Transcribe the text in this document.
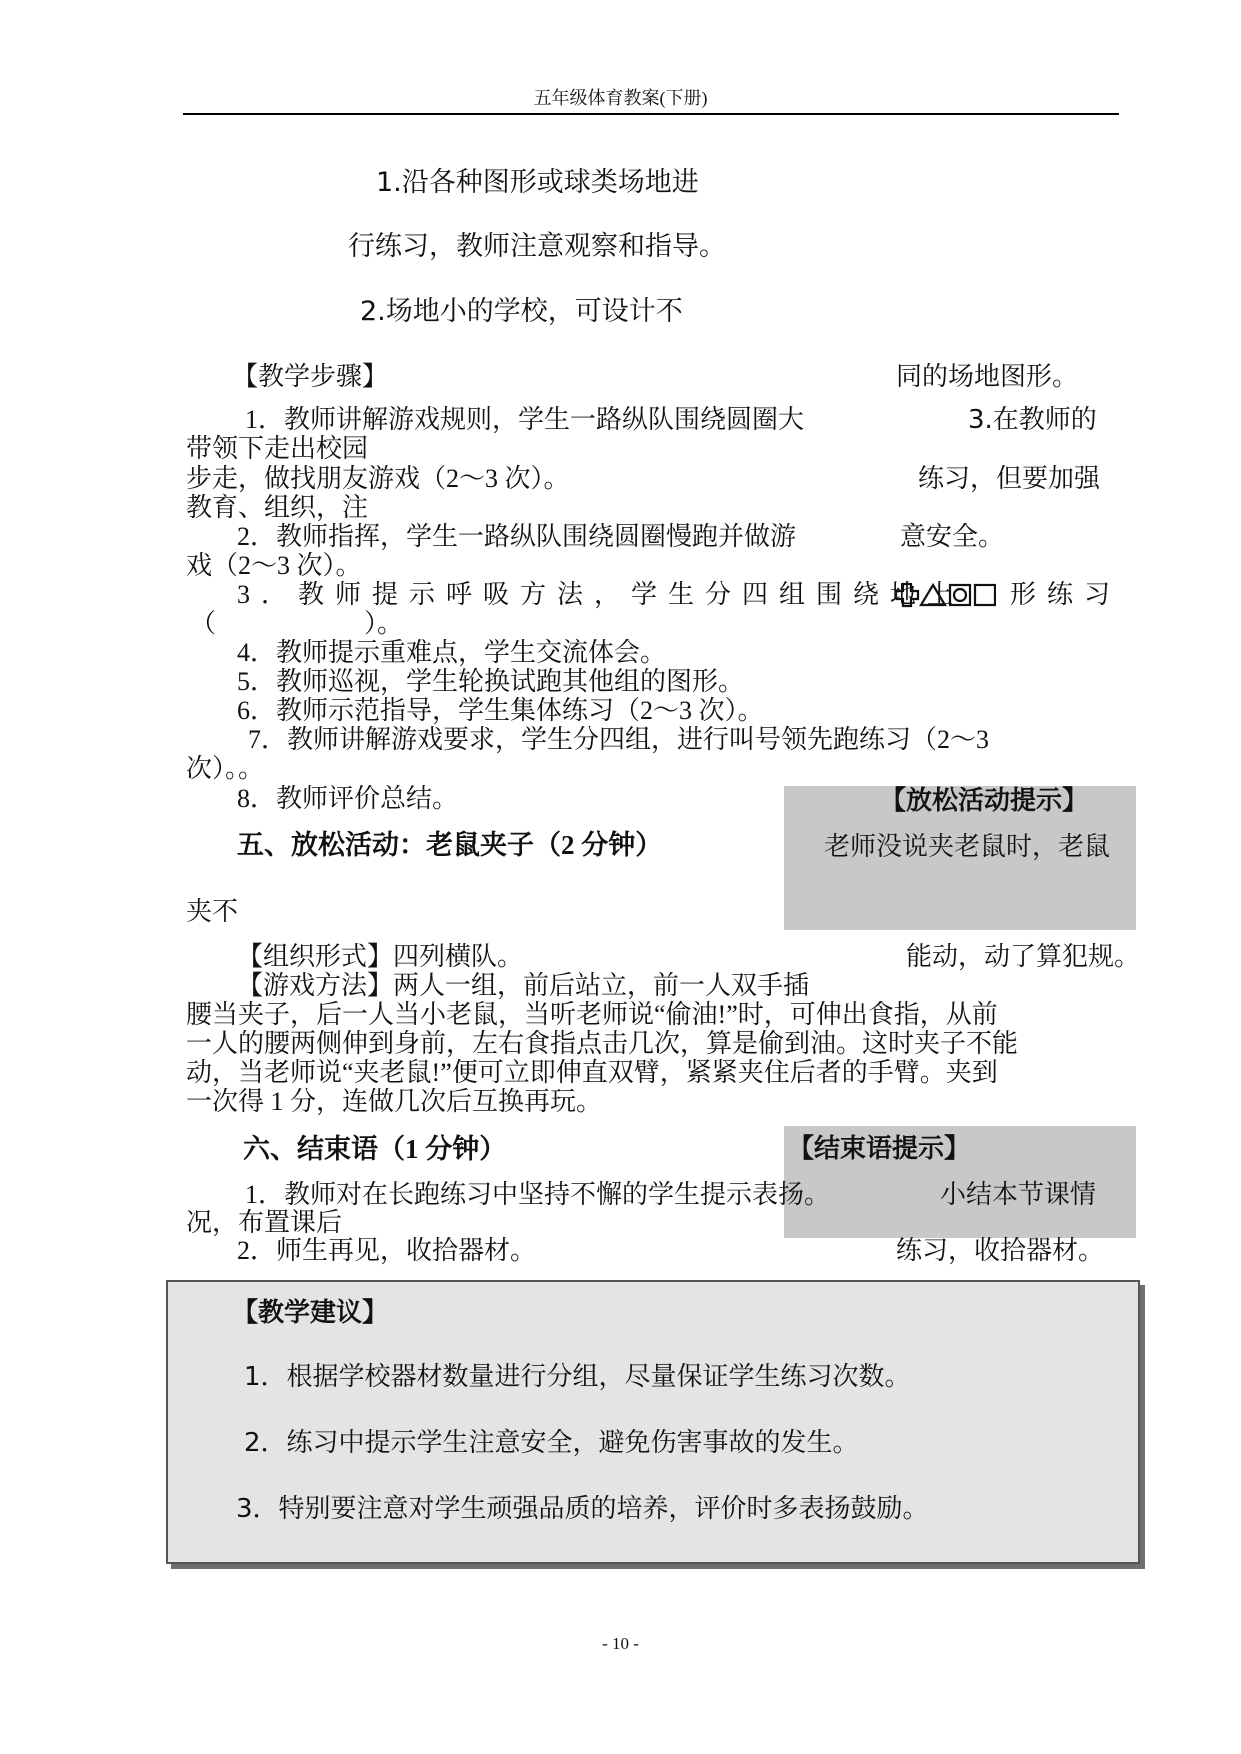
五年级体育教案(下册)
1.沿各种图形或球类场地进
行练习，教师注意观察和指导。
2.场地小的学校，可设计不
【教学步骤】	同的场地图形。
1．教师讲解游戏规则，学生一路纵队围绕圆圈大	3.在教师的
带领下走出校园
步走，做找朋友游戏（2～3 次）。	练习，但要加强
教育、组织，注
2．教师指挥，学生一路纵队围绕圆圈慢跑并做游	意安全。
戏（2～3 次）。
3．教师提示呼吸方法，学生分四组围绕地上 形练习
（	）。
4．教师提示重难点，学生交流体会。
5．教师巡视，学生轮换试跑其他组的图形。
6．教师示范指导，学生集体练习（2～3 次）。
7．教师讲解游戏要求，学生分四组，进行叫号领先跑练习（2～3
次）。。
8．教师评价总结。	【放松活动提示】
老师没说夹老鼠时，老鼠
五、放松活动：老鼠夹子（2 分钟）
夹不
【组织形式】四列横队。	能动，动了算犯规。
【游戏方法】两人一组，前后站立，前一人双手插
腰当夹子，后一人当小老鼠，当听老师说“偷油!”时，可伸出食指，从前
一人的腰两侧伸到身前，左右食指点击几次，算是偷到油。这时夹子不能
动，当老师说“夹老鼠!”便可立即伸直双臂，紧紧夹住后者的手臂。夹到
一次得 1 分，连做几次后互换再玩。
六、结束语（1 分钟）	【结束语提示】
1．教师对在长跑练习中坚持不懈的学生提示表扬。	小结本节课情
况，布置课后
2．师生再见，收拾器材。	练习，收拾器材。
【教学建议】
1．根据学校器材数量进行分组，尽量保证学生练习次数。
2．练习中提示学生注意安全，避免伤害事故的发生。
3．特别要注意对学生顽强品质的培养，评价时多表扬鼓励。
- 10 -
